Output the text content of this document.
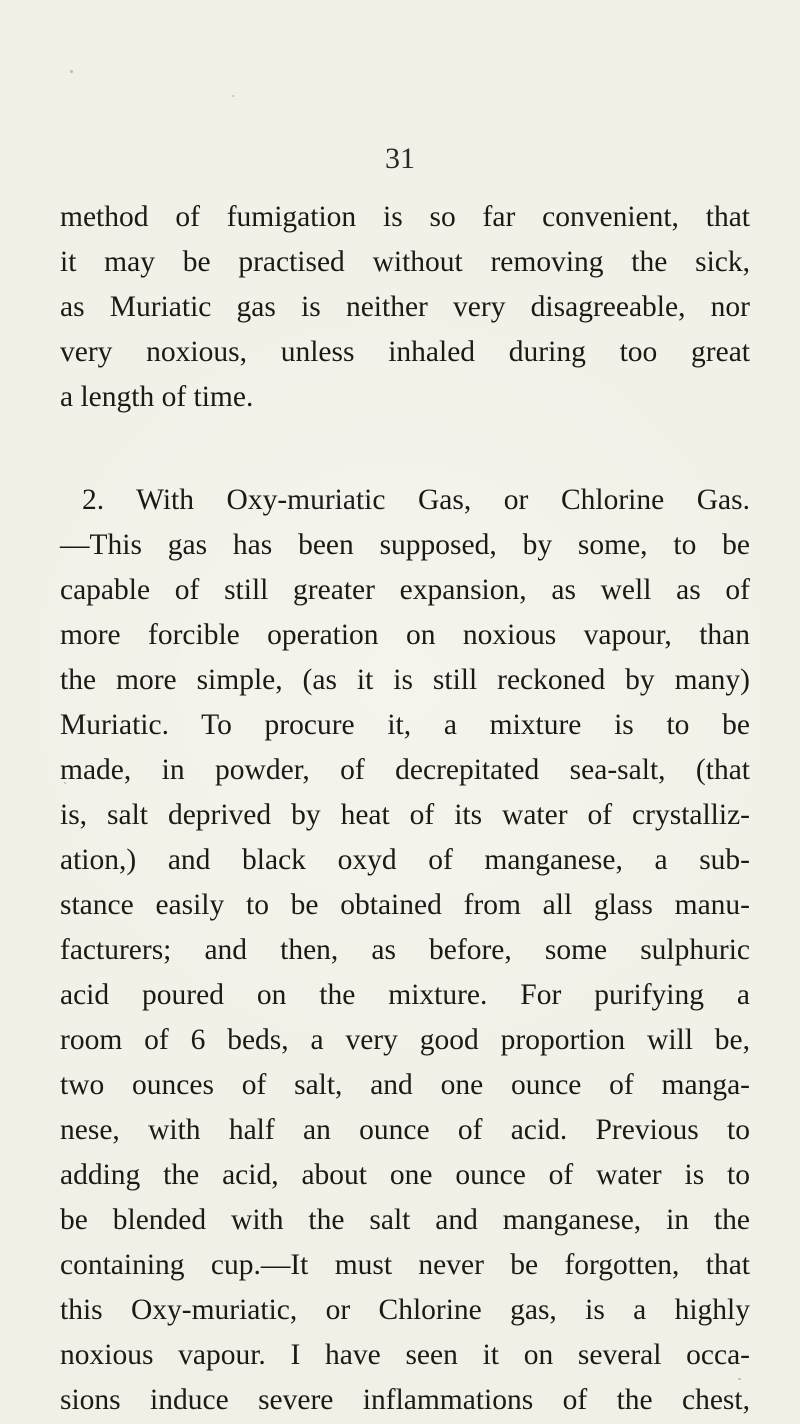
31
method of fumigation is so far convenient, that
it may be practised without removing the sick,
as Muriatic gas is neither very disagreeable, nor
very noxious, unless inhaled during too great
a length of time.
2. With Oxy-muriatic Gas, or Chlorine Gas.
—This gas has been supposed, by some, to be
capable of still greater expansion, as well as of
more forcible operation on noxious vapour, than
the more simple, (as it is still reckoned by many)
Muriatic. To procure it, a mixture is to be
made, in powder, of decrepitated sea-salt, (that
is, salt deprived by heat of its water of crystalliz-
ation,) and black oxyd of manganese, a sub-
stance easily to be obtained from all glass manu-
facturers; and then, as before, some sulphuric
acid poured on the mixture. For purifying a
room of 6 beds, a very good proportion will be,
two ounces of salt, and one ounce of manga-
nese, with half an ounce of acid. Previous to
adding the acid, about one ounce of water is to
be blended with the salt and manganese, in the
containing cup.—It must never be forgotten, that
this Oxy-muriatic, or Chlorine gas, is a highly
noxious vapour. I have seen it on several occa-
sions induce severe inflammations of the chest,
